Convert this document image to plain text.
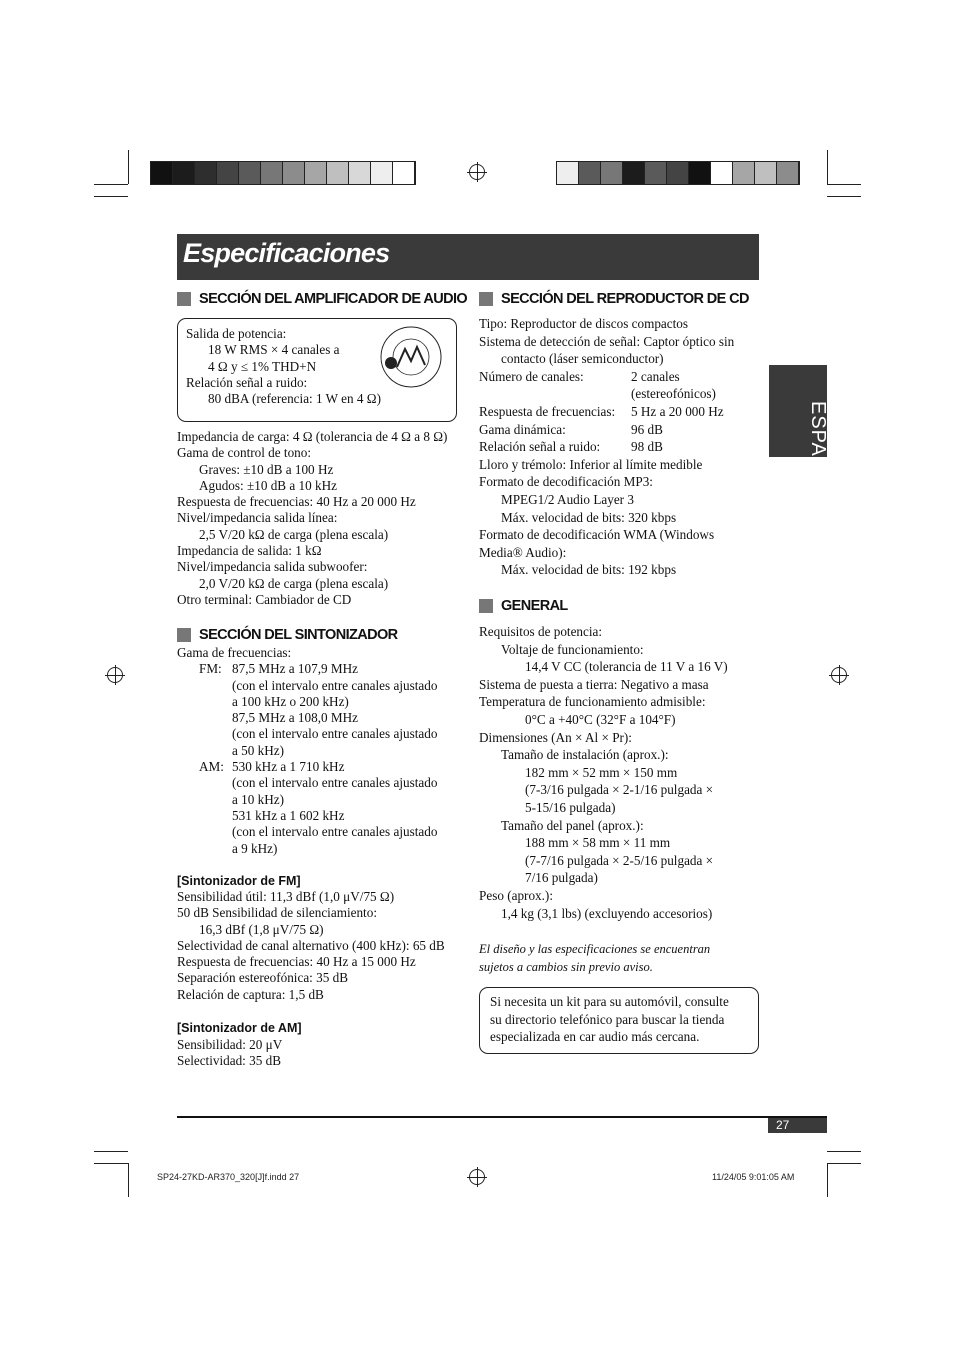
Especificaciones
ESPAÑOL
SECCIÓN DEL AMPLIFICADOR DE AUDIO
Salida de potencia:
18 W RMS × 4 canales a
4 Ω y ≤ 1% THD+N
Relación señal a ruido:
80 dBA (referencia: 1 W en 4 Ω)
Impedancia de carga: 4 Ω (tolerancia de 4 Ω a 8 Ω)
Gama de control de tono:
Graves: ±10 dB a 100 Hz
Agudos: ±10 dB a 10 kHz
Respuesta de frecuencias: 40 Hz a 20 000 Hz
Nivel/impedancia salida línea:
2,5 V/20 kΩ de carga (plena escala)
Impedancia de salida: 1 kΩ
Nivel/impedancia salida subwoofer:
2,0 V/20 kΩ de carga (plena escala)
Otro terminal: Cambiador de CD
SECCIÓN DEL SINTONIZADOR
Gama de frecuencias:
FM: 87,5 MHz a 107,9 MHz
(con el intervalo entre canales ajustado
a 100 kHz o 200 kHz)
87,5 MHz a 108,0 MHz
(con el intervalo entre canales ajustado
a 50 kHz)
AM: 530 kHz a 1 710 kHz
(con el intervalo entre canales ajustado
a 10 kHz)
531 kHz a 1 602 kHz
(con el intervalo entre canales ajustado
a 9 kHz)
[Sintonizador de FM]
Sensibilidad útil: 11,3 dBf (1,0 μV/75 Ω)
50 dB Sensibilidad de silenciamiento:
16,3 dBf (1,8 μV/75 Ω)
Selectividad de canal alternativo (400 kHz): 65 dB
Respuesta de frecuencias: 40 Hz a 15 000 Hz
Separación estereofónica: 35 dB
Relación de captura: 1,5 dB
[Sintonizador de AM]
Sensibilidad: 20 μV
Selectividad: 35 dB
SECCIÓN DEL REPRODUCTOR DE CD
Tipo: Reproductor de discos compactos
Sistema de detección de señal: Captor óptico sin
contacto (láser semiconductor)
Número de canales:	2 canales
(estereofónicos)
Respuesta de frecuencias: 5 Hz a 20 000 Hz
Gama dinámica:	96 dB
Relación señal a ruido: 98 dB
Lloro y trémolo: Inferior al límite medible
Formato de decodificación MP3:
MPEG1/2 Audio Layer 3
Máx. velocidad de bits: 320 kbps
Formato de decodificación WMA (Windows
Media® Audio):
Máx. velocidad de bits: 192 kbps
GENERAL
Requisitos de potencia:
Voltaje de funcionamiento:
14,4 V CC (tolerancia de 11 V a 16 V)
Sistema de puesta a tierra: Negativo a masa
Temperatura de funcionamiento admisible:
0°C a +40°C (32°F a 104°F)
Dimensiones (An × Al × Pr):
Tamaño de instalación (aprox.):
182 mm × 52 mm × 150 mm
(7-3/16 pulgada × 2-1/16 pulgada ×
5-15/16 pulgada)
Tamaño del panel (aprox.):
188 mm × 58 mm × 11 mm
(7-7/16 pulgada × 2-5/16 pulgada ×
7/16 pulgada)
Peso (aprox.):
1,4 kg (3,1 lbs) (excluyendo accesorios)
El diseño y las especificaciones se encuentran
sujetos a cambios sin previo aviso.
Si necesita un kit para su automóvil, consulte
su directorio telefónico para buscar la tienda
especializada en car audio más cercana.
27
SP24-27KD-AR370_320[J]f.indd 27	11/24/05 9:01:05 AM
